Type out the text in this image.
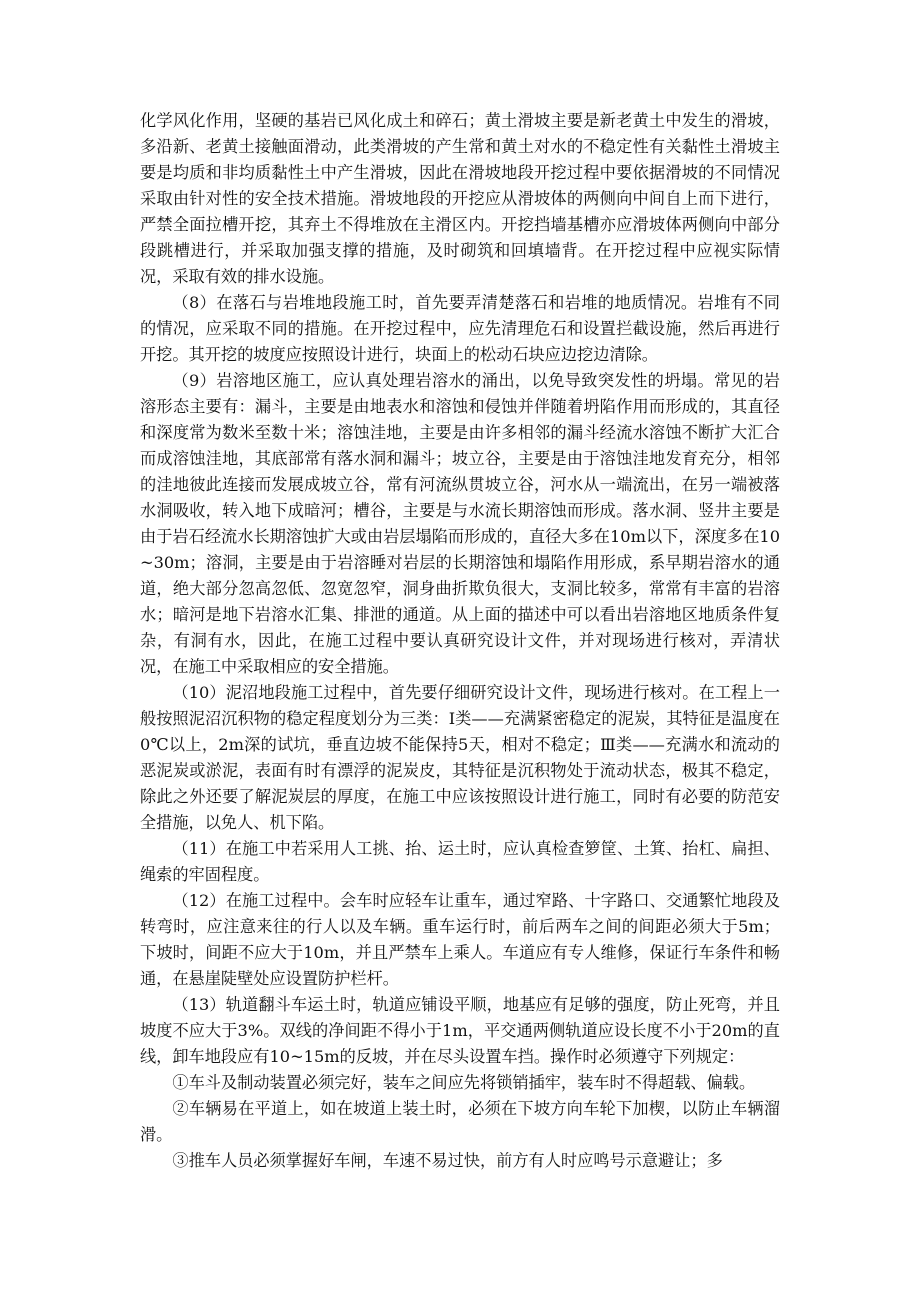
化学风化作用，坚硬的基岩已风化成土和碎石；黄土滑坡主要是新老黄土中发生的滑坡，多沿新、老黄土接触面滑动，此类滑坡的产生常和黄土对水的不稳定性有关黏性土滑坡主要是均质和非均质黏性土中产生滑坡，因此在滑坡地段开挖过程中要依据滑坡的不同情况采取由针对性的安全技术措施。滑坡地段的开挖应从滑坡体的两侧向中间自上而下进行，严禁全面拉槽开挖，其弃土不得堆放在主滑区内。开挖挡墙基槽亦应滑坡体两侧向中部分段跳槽进行，并采取加强支撑的措施，及时砌筑和回填墙背。在开挖过程中应视实际情况，采取有效的排水设施。

（8）在落石与岩堆地段施工时，首先要弄清楚落石和岩堆的地质情况。岩堆有不同的情况，应采取不同的措施。在开挖过程中，应先清理危石和设置拦截设施，然后再进行开挖。其开挖的坡度应按照设计进行，块面上的松动石块应边挖边清除。

（9）岩溶地区施工，应认真处理岩溶水的涌出，以免导致突发性的坍塌。常见的岩溶形态主要有：漏斗，主要是由地表水和溶蚀和侵蚀并伴随着坍陷作用而形成的，其直径和深度常为数米至数十米；溶蚀洼地，主要是由许多相邻的漏斗经流水溶蚀不断扩大汇合而成溶蚀洼地，其底部常有落水洞和漏斗；坡立谷，主要是由于溶蚀洼地发育充分，相邻的洼地彼此连接而发展成坡立谷，常有河流纵贯坡立谷，河水从一端流出，在另一端被落水洞吸收，转入地下成暗河；槽谷，主要是与水流长期溶蚀而形成。落水洞、竖井主要是由于岩石经流水长期溶蚀扩大或由岩层塌陷而形成的，直径大多在10m以下，深度多在10~30m；溶洞，主要是由于岩溶睡对岩层的长期溶蚀和塌陷作用形成，系早期岩溶水的通道，绝大部分忽高忽低、忽宽忽窄，洞身曲折欺负很大，支洞比较多，常常有丰富的岩溶水；暗河是地下岩溶水汇集、排泄的通道。从上面的描述中可以看出岩溶地区地质条件复杂，有洞有水，因此，在施工过程中要认真研究设计文件，并对现场进行核对，弄清状况，在施工中采取相应的安全措施。

（10）泥沼地段施工过程中，首先要仔细研究设计文件，现场进行核对。在工程上一般按照泥沼沉积物的稳定程度划分为三类：Ⅰ类——充满紧密稳定的泥炭，其特征是温度在0℃以上，2m深的试坑，垂直边坡不能保持5天，相对不稳定；Ⅲ类——充满水和流动的恶泥炭或淤泥，表面有时有漂浮的泥炭皮，其特征是沉积物处于流动状态，极其不稳定，除此之外还要了解泥炭层的厚度，在施工中应该按照设计进行施工，同时有必要的防范安全措施，以免人、机下陷。

（11）在施工中若采用人工挑、抬、运土时，应认真检查箩筐、土箕、抬杠、扁担、绳索的牢固程度。

（12）在施工过程中。会车时应轻车让重车，通过窄路、十字路口、交通繁忙地段及转弯时，应注意来往的行人以及车辆。重车运行时，前后两车之间的间距必须大于5m；下坡时，间距不应大于10m，并且严禁车上乘人。车道应有专人维修，保证行车条件和畅通，在悬崖陡壁处应设置防护栏杆。

（13）轨道翻斗车运土时，轨道应铺设平顺，地基应有足够的强度，防止死弯，并且坡度不应大于3%。双线的净间距不得小于1m，平交通两侧轨道应设长度不小于20m的直线，卸车地段应有10~15m的反坡，并在尽头设置车挡。操作时必须遵守下列规定：

①车斗及制动装置必须完好，装车之间应先将锁销插牢，装车时不得超载、偏载。

②车辆易在平道上，如在坡道上装土时，必须在下坡方向车轮下加楔，以防止车辆溜滑。

③推车人员必须掌握好车闸，车速不易过快，前方有人时应鸣号示意避让；多
